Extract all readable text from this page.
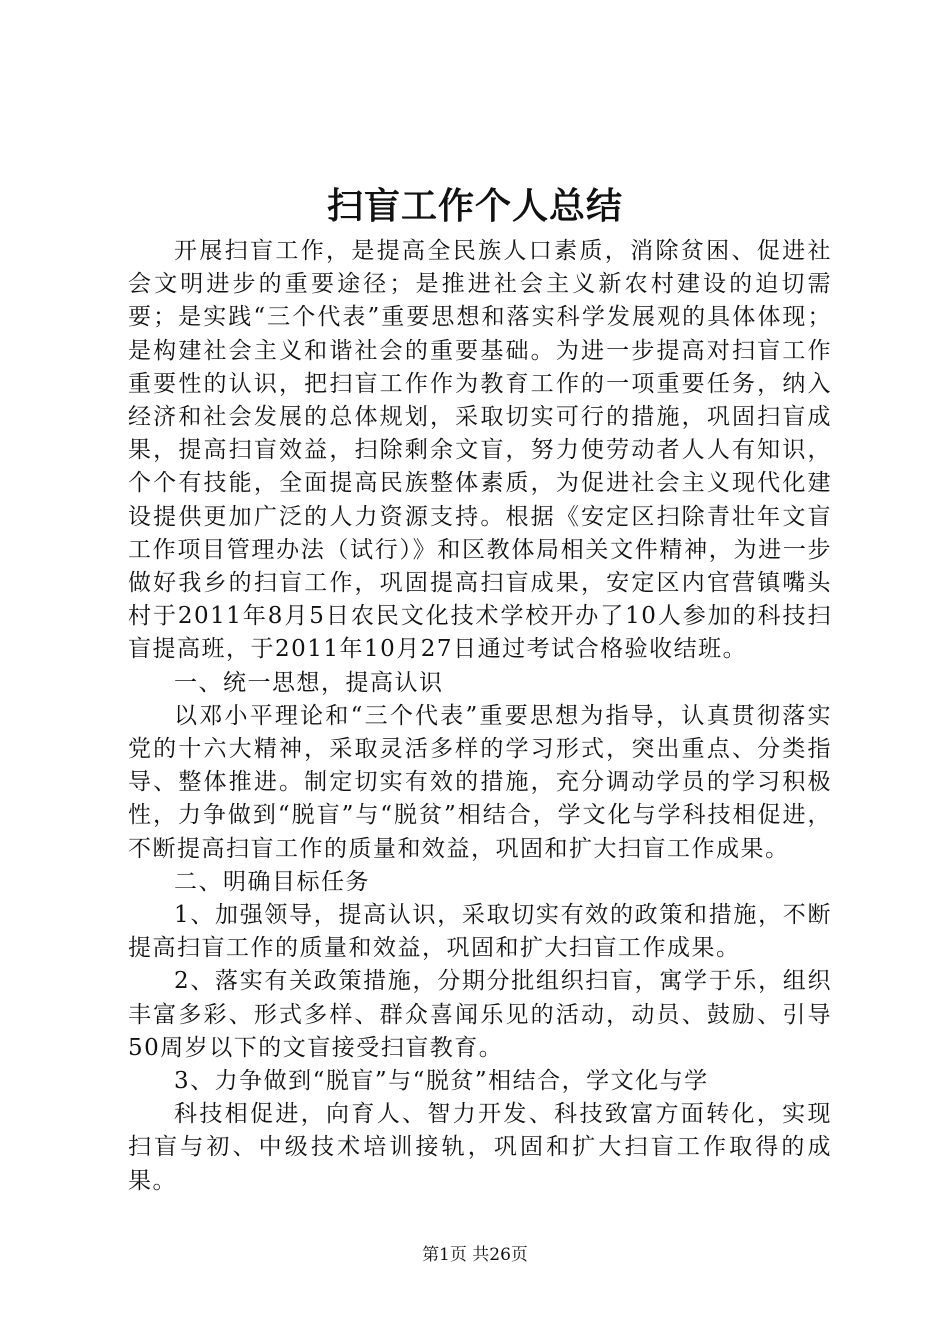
扫盲工作个人总结

开展扫盲工作，是提高全民族人口素质，消除贫困、促进社会文明进步的重要途径；是推进社会主义新农村建设的迫切需要；是实践“三个代表”重要思想和落实科学发展观的具体体现；是构建社会主义和谐社会的重要基础。为进一步提高对扫盲工作重要性的认识，把扫盲工作作为教育工作的一项重要任务，纳入经济和社会发展的总体规划，采取切实可行的措施，巩固扫盲成果，提高扫盲效益，扫除剩余文盲，努力使劳动者人人有知识，个个有技能，全面提高民族整体素质，为促进社会主义现代化建设提供更加广泛的人力资源支持。根据《安定区扫除青壮年文盲工作项目管理办法（试行）》和区教体局相关文件精神，为进一步做好我乡的扫盲工作，巩固提高扫盲成果，安定区内官营镇嘴头村于2011年8月5日农民文化技术学校开办了10人参加的科技扫盲提高班，于2011年10月27日通过考试合格验收结班。

一、统一思想，提高认识

以邓小平理论和“三个代表”重要思想为指导，认真贯彻落实党的十六大精神，采取灵活多样的学习形式，突出重点、分类指导、整体推进。制定切实有效的措施，充分调动学员的学习积极性，力争做到“脱盲”与“脱贫”相结合，学文化与学科技相促进，不断提高扫盲工作的质量和效益，巩固和扩大扫盲工作成果。

二、明确目标任务

1、加强领导，提高认识，采取切实有效的政策和措施，不断提高扫盲工作的质量和效益，巩固和扩大扫盲工作成果。

2、落实有关政策措施，分期分批组织扫盲，寓学于乐，组织丰富多彩、形式多样、群众喜闻乐见的活动，动员、鼓励、引导50周岁以下的文盲接受扫盲教育。

3、力争做到“脱盲”与“脱贫”相结合，学文化与学

科技相促进，向育人、智力开发、科技致富方面转化，实现扫盲与初、中级技术培训接轨，巩固和扩大扫盲工作取得的成果。

第1页 共26页
